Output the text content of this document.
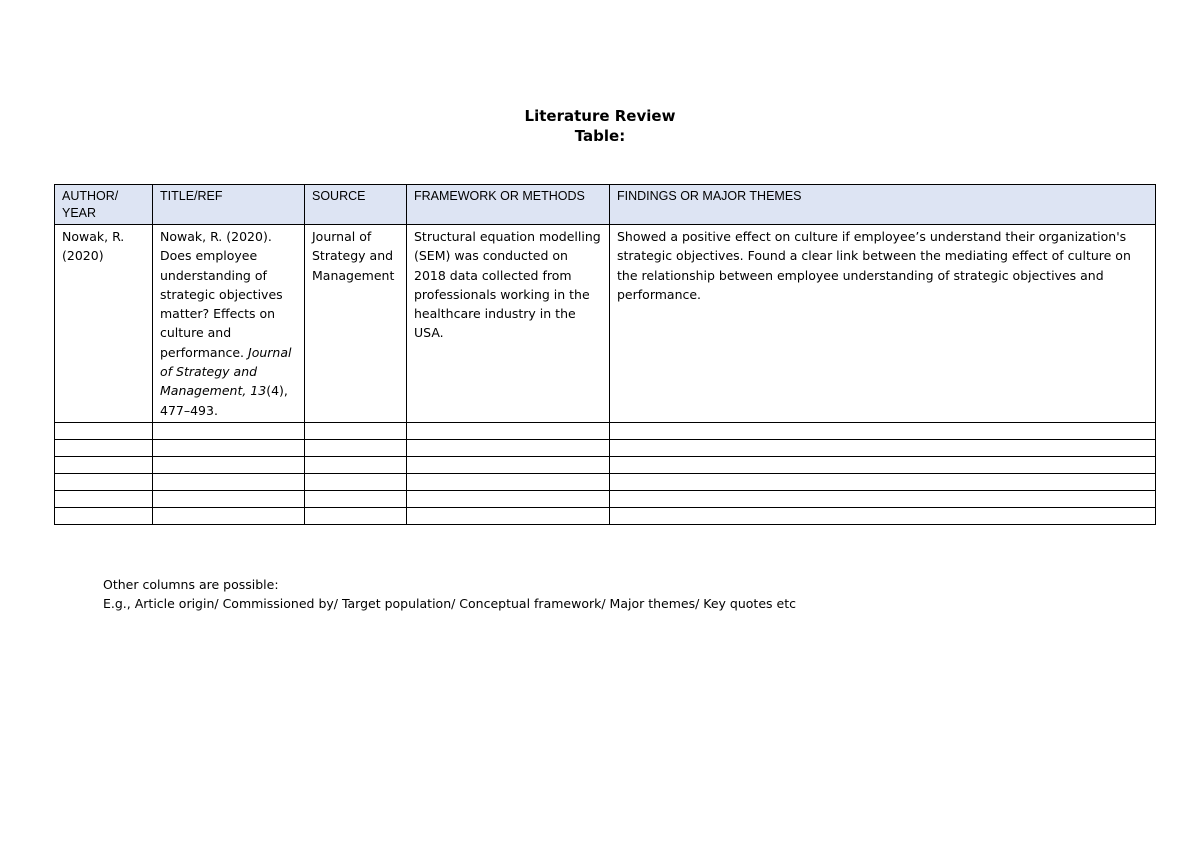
Literature Review
Table:
AUTHOR/ YEAR	TITLE/REF	SOURCE	FRAMEWORK OR METHODS	FINDINGS OR MAJOR THEMES
Nowak, R. (2020)	Nowak, R. (2020). Does employee understanding of strategic objectives matter? Effects on culture and performance. Journal of Strategy and Management, 13(4), 477–493.	Journal of Strategy and Management	Structural equation modelling (SEM) was conducted on 2018 data collected from professionals working in the healthcare industry in the USA.	Showed a positive effect on culture if employee’s understand their organization's strategic objectives. Found a clear link between the mediating effect of culture on the relationship between employee understanding of strategic objectives and performance.

Other columns are possible:
E.g., Article origin/ Commissioned by/ Target population/ Conceptual framework/ Major themes/ Key quotes etc
